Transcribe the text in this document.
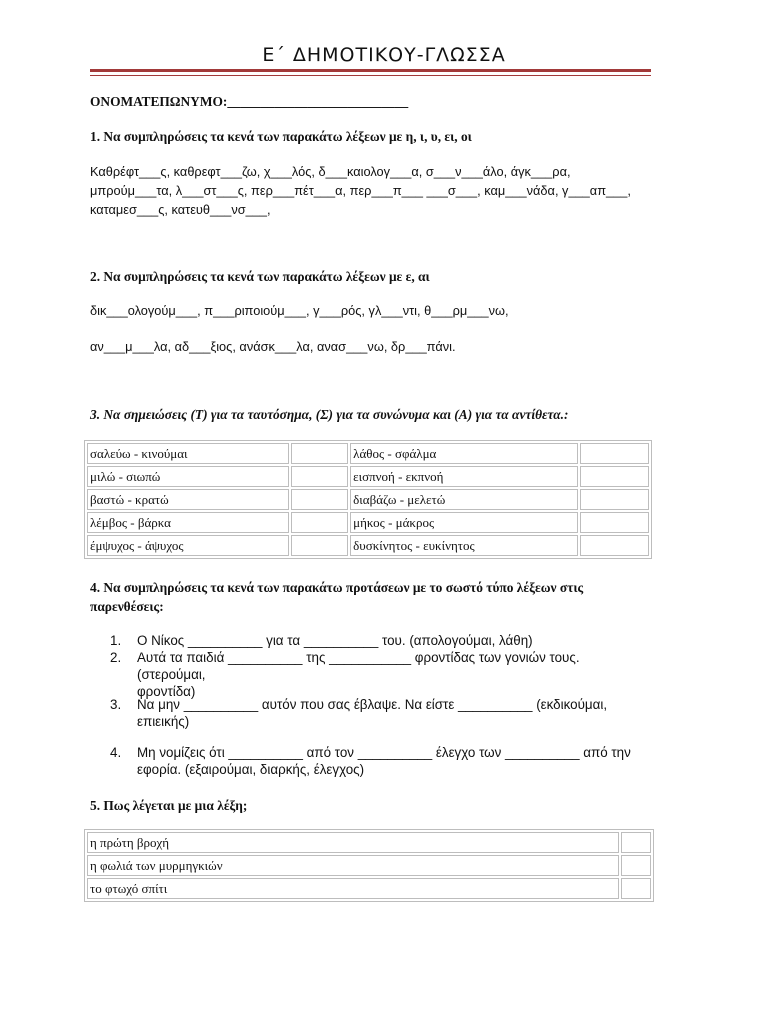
Ε΄ ΔΗΜΟΤΙΚΟΥ-ΓΛΩΣΣΑ
ΟΝΟΜΑΤΕΠΩΝΥΜΟ:___________________________
1. Να συμπληρώσεις τα κενά των παρακάτω λέξεων με η, ι, υ, ει, οι
Καθρέφτ___ς, καθρεφτ___ζω, χ___λός, δ___καιολογ___α, σ___ν___άλο, άγκ___ρα,
μπρούμ___τα, λ___στ___ς, περ___πέτ___α, περ___π___ ___σ___, καμ___νάδα, γ___απ___,
καταμεσ___ς, κατευθ___νσ___,
2. Να συμπληρώσεις τα κενά των παρακάτω λέξεων με ε, αι
δικ___ολογούμ___, π___ριποιούμ___, γ___ρός, γλ___ντι, θ___ρμ___νω,
αν___μ___λα, αδ___ξιος, ανάσκ___λα, ανασ___νω, δρ___πάνι.
3. Να σημειώσεις (Τ) για τα ταυτόσημα, (Σ) για τα συνώνυμα και (Α) για τα αντίθετα.:
σαλεύω - κινούμαι		λάθος - σφάλμα	
μιλώ - σιωπώ		εισπνοή - εκπνοή	
βαστώ - κρατώ		διαβάζω - μελετώ	
λέμβος - βάρκα		μήκος - μάκρος	
έμψυχος - άψυχος		δυσκίνητος - ευκίνητος	
4. Να συμπληρώσεις τα κενά των παρακάτω προτάσεων με το σωστό τύπο λέξεων στις
παρενθέσεις:
1. Ο Νίκος __________ για τα __________ του. (απολογούμαι, λάθη)
2. Αυτά τα παιδιά __________ της ___________ φροντίδας των γονιών τους. (στερούμαι,
φροντίδα)
3. Να μην __________ αυτόν που σας έβλαψε. Να είστε __________ (εκδικούμαι,
επιεικής)
4. Μη νομίζεις ότι __________ από τον __________ έλεγχο των __________ από την
εφορία. (εξαιρούμαι, διαρκής, έλεγχος)
5. Πως λέγεται με μια λέξη;
η πρώτη βροχή	
η φωλιά των μυρμηγκιών	
το φτωχό σπίτι	
